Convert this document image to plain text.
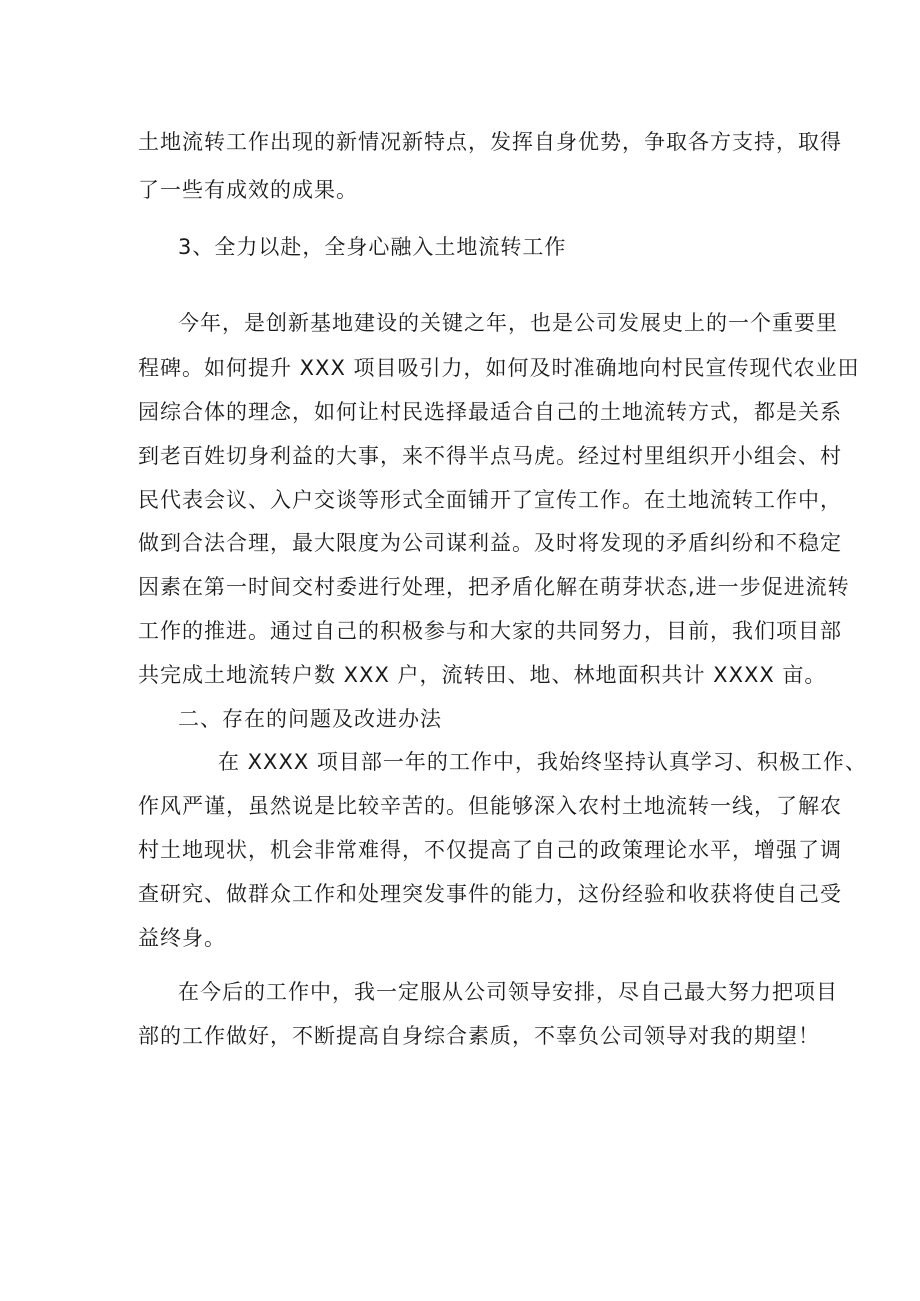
土地流转工作出现的新情况新特点，发挥自身优势，争取各方支持，取得
了一些有成效的成果。
3、全力以赴，全身心融入土地流转工作
今年，是创新基地建设的关键之年，也是公司发展史上的一个重要里
程碑。如何提升 XXX 项目吸引力，如何及时准确地向村民宣传现代农业田
园综合体的理念，如何让村民选择最适合自己的土地流转方式，都是关系
到老百姓切身利益的大事，来不得半点马虎。经过村里组织开小组会、村
民代表会议、入户交谈等形式全面铺开了宣传工作。在土地流转工作中，
做到合法合理，最大限度为公司谋利益。及时将发现的矛盾纠纷和不稳定
因素在第一时间交村委进行处理，把矛盾化解在萌芽状态,进一步促进流转
工作的推进。通过自己的积极参与和大家的共同努力，目前，我们项目部
共完成土地流转户数 XXX 户，流转田、地、林地面积共计 XXXX 亩。
二、存在的问题及改进办法
在 XXXX 项目部一年的工作中，我始终坚持认真学习、积极工作、
作风严谨，虽然说是比较辛苦的。但能够深入农村土地流转一线，了解农
村土地现状，机会非常难得，不仅提高了自己的政策理论水平，增强了调
查研究、做群众工作和处理突发事件的能力，这份经验和收获将使自己受
益终身。
在今后的工作中，我一定服从公司领导安排，尽自己最大努力把项目
部的工作做好，不断提高自身综合素质，不辜负公司领导对我的期望！
